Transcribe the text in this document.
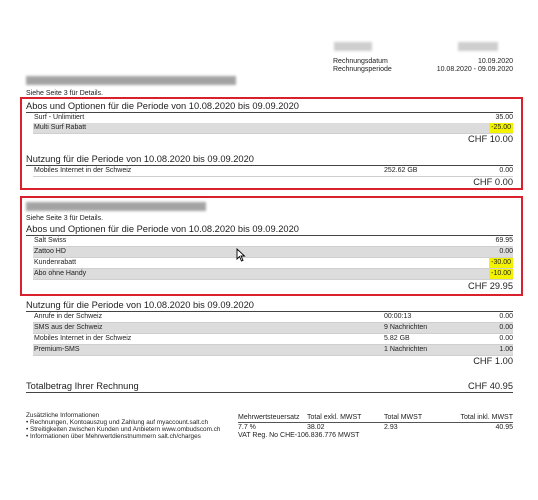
Rechnungsdatum	10.09.2020
Rechnungsperiode	10.08.2020 - 09.09.2020
Siehe Seite 3 für Details.
Abos und Optionen für die Periode von 10.08.2020 bis 09.09.2020
Surf - Unlimitiert	35.00
Multi Surf Rabatt	-25.00
CHF 10.00
Nutzung für die Periode von 10.08.2020 bis 09.09.2020
Mobiles Internet in der Schweiz	252.62 GB	0.00
CHF 0.00
Siehe Seite 3 für Details.
Abos und Optionen für die Periode von 10.08.2020 bis 09.09.2020
Salt Swiss	69.95
Zattoo HD	0.00
Kundenrabatt	-30.00
Abo ohne Handy	-10.00
CHF 29.95
Nutzung für die Periode von 10.08.2020 bis 09.09.2020
Anrufe in der Schweiz	00:00:13	0.00
SMS aus der Schweiz	9 Nachrichten	0.00
Mobiles Internet in der Schweiz	5.82 GB	0.00
Premium-SMS	1 Nachrichten	1.00
CHF 1.00
Totalbetrag Ihrer Rechnung	CHF 40.95
Zusätzliche Informationen
• Rechnungen, Kontoauszug und Zahlung auf myaccount.salt.ch
• Streitigkeiten zwischen Kunden und Anbietern www.ombudscom.ch
• Informationen über Mehrwertdienstnummern salt.ch/charges
Mehrwertsteuersatz Total exkl. MWST	Total MWST	Total inkl. MWST
7.7 %	38.02	2.93	40.95
VAT Reg. No CHE-106.836.776 MWST
